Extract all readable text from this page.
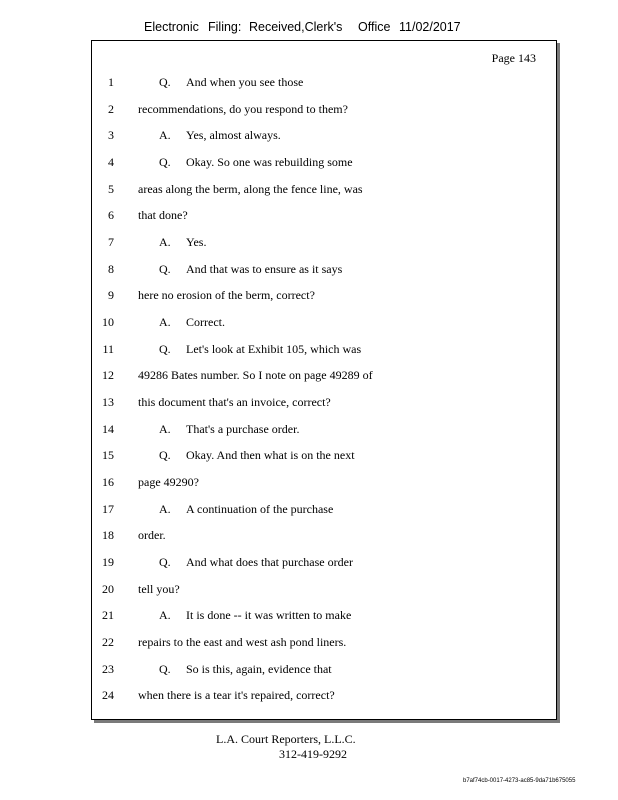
Electronic Filing: Received,Clerk's Office 11/02/2017
Page 143
1	Q. And when you see those
2 recommendations, do you respond to them?
3	A. Yes, almost always.
4	Q. Okay. So one was rebuilding some
5 areas along the berm, along the fence line, was
6 that done?
7	A. Yes.
8	Q. And that was to ensure as it says
9 here no erosion of the berm, correct?
10	A. Correct.
11	Q. Let's look at Exhibit 105, which was
12 49286 Bates number. So I note on page 49289 of
13 this document that's an invoice, correct?
14	A. That's a purchase order.
15	Q. Okay. And then what is on the next
16 page 49290?
17	A. A continuation of the purchase
18 order.
19	Q. And what does that purchase order
20 tell you?
21	A. It is done -- it was written to make
22 repairs to the east and west ash pond liners.
23	Q. So is this, again, evidence that
24 when there is a tear it's repaired, correct?
L.A. Court Reporters, L.L.C.
312-419-9292
b7af74cb-0017-4273-ac85-9da71b675055
